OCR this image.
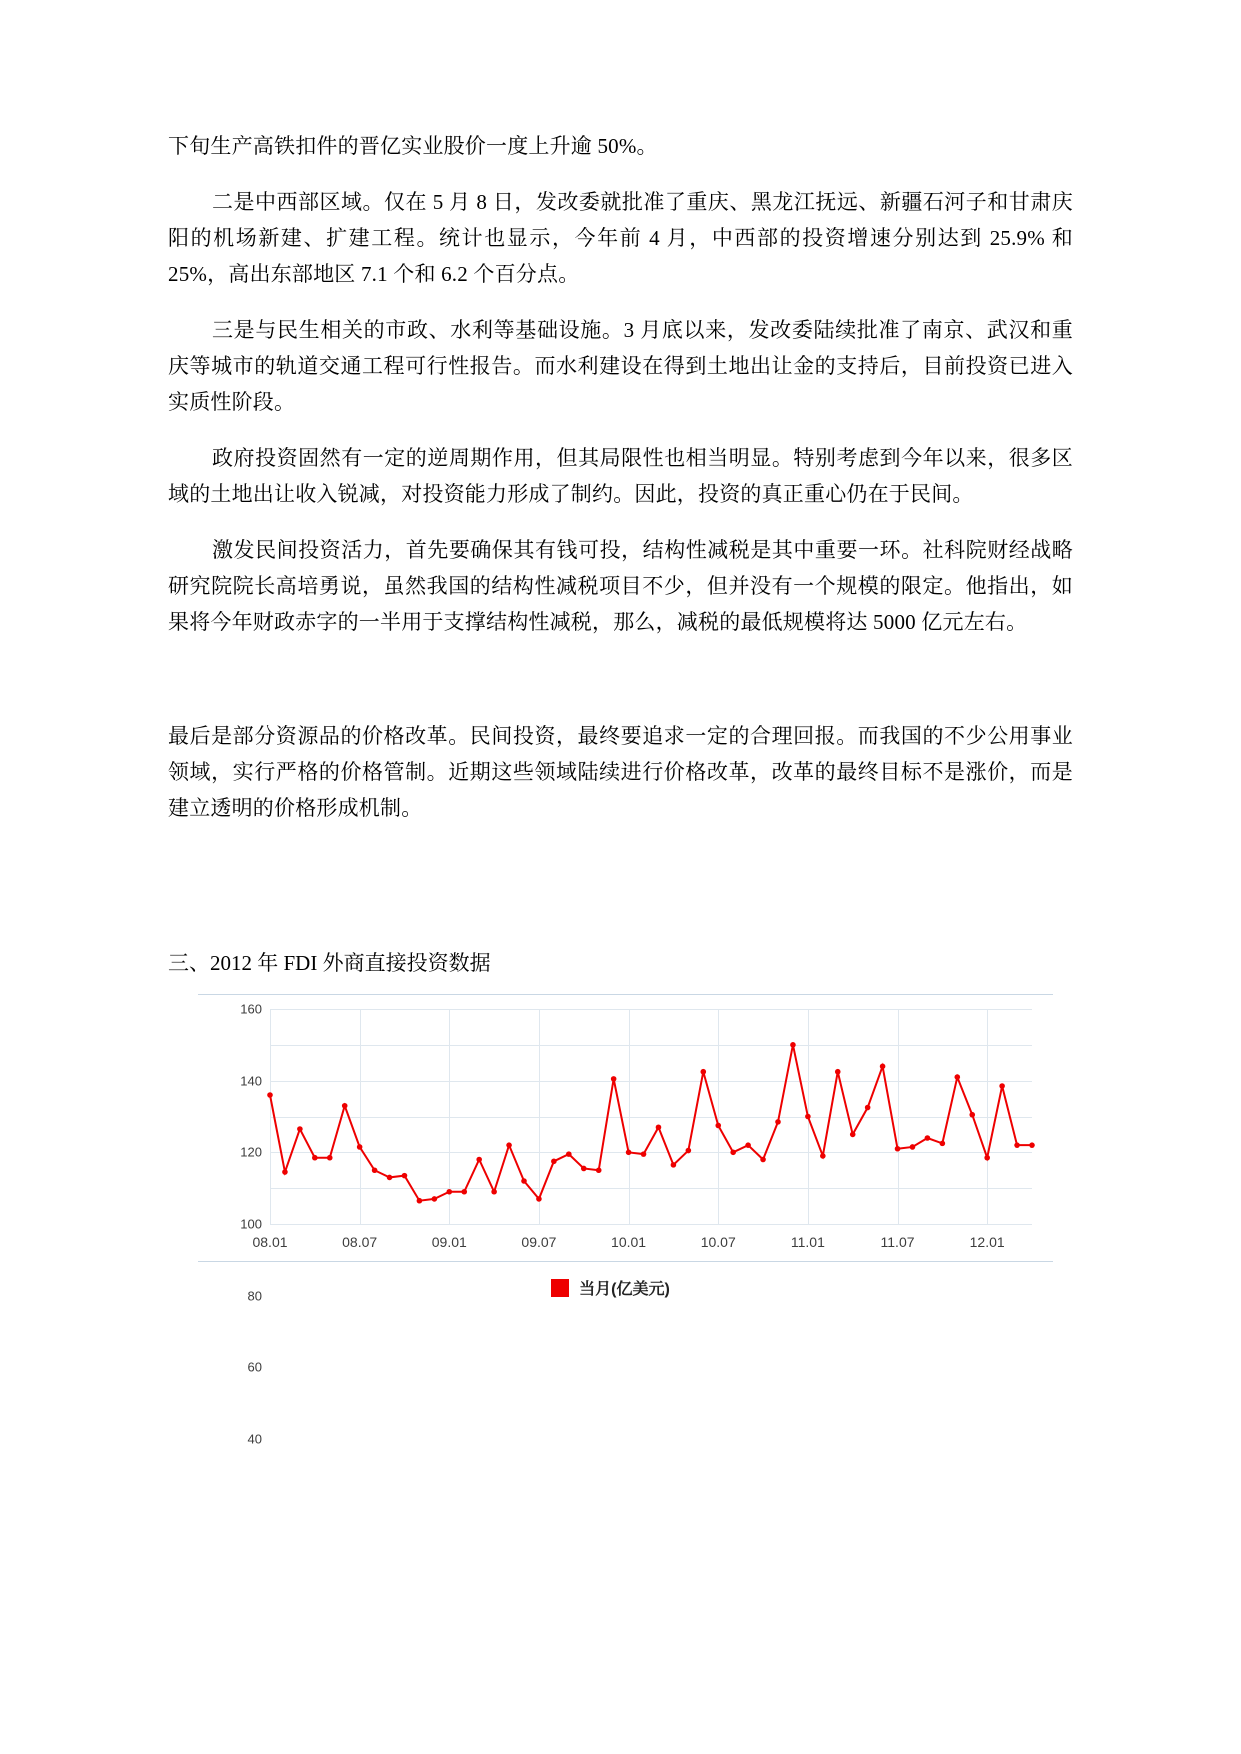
下旬生产高铁扣件的晋亿实业股价一度上升逾 50%。

二是中西部区域。仅在 5 月 8 日，发改委就批准了重庆、黑龙江抚远、新疆石河子和甘肃庆阳的机场新建、扩建工程。统计也显示，今年前 4 月，中西部的投资增速分别达到 25.9% 和 25%，高出东部地区 7.1 个和 6.2 个百分点。

三是与民生相关的市政、水利等基础设施。3 月底以来，发改委陆续批准了南京、武汉和重庆等城市的轨道交通工程可行性报告。而水利建设在得到土地出让金的支持后，目前投资已进入实质性阶段。

政府投资固然有一定的逆周期作用，但其局限性也相当明显。特别考虑到今年以来，很多区域的土地出让收入锐减，对投资能力形成了制约。因此，投资的真正重心仍在于民间。

激发民间投资活力，首先要确保其有钱可投，结构性减税是其中重要一环。社科院财经战略研究院院长高培勇说，虽然我国的结构性减税项目不少，但并没有一个规模的限定。他指出，如果将今年财政赤字的一半用于支撑结构性减税，那么，减税的最低规模将达 5000 亿元左右。

最后是部分资源品的价格改革。民间投资，最终要追求一定的合理回报。而我国的不少公用事业领域，实行严格的价格管制。近期这些领域陆续进行价格改革，改革的最终目标不是涨价，而是建立透明的价格形成机制。

三、2012 年 FDI 外商直接投资数据
40
60
80
100
120
140
160
08.01	08.07	09.01	09.07	10.01	10.07	11.01	11.07	12.01
当月(亿美元)
